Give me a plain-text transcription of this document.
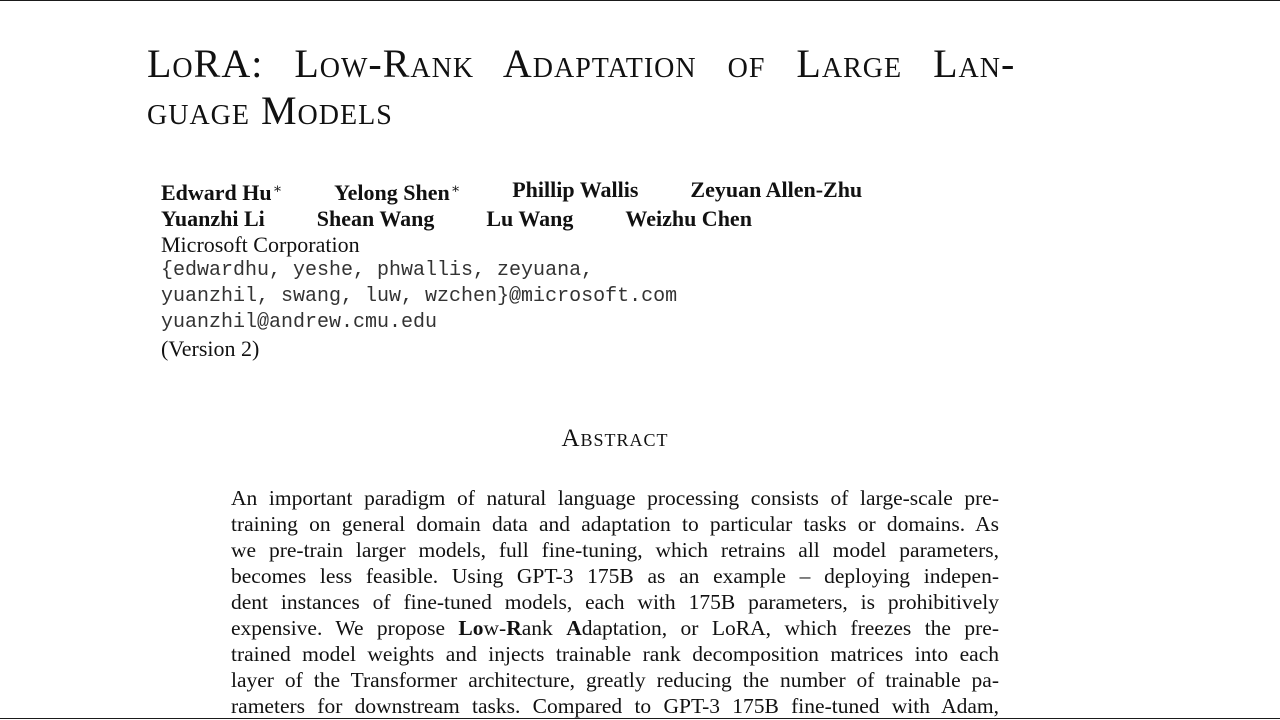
LoRA: Low-Rank Adaptation of Large Lan-
guage Models
Edward Hu∗ Yelong Shen∗ Phillip Wallis Zeyuan Allen-Zhu
Yuanzhi Li Shean Wang Lu Wang Weizhu Chen
Microsoft Corporation
{edwardhu, yeshe, phwallis, zeyuana,
yuanzhil, swang, luw, wzchen}@microsoft.com
yuanzhil@andrew.cmu.edu
(Version 2)
Abstract
An important paradigm of natural language processing consists of large-scale pre-
training on general domain data and adaptation to particular tasks or domains. As
we pre-train larger models, full fine-tuning, which retrains all model parameters,
becomes less feasible. Using GPT-3 175B as an example – deploying indepen-
dent instances of fine-tuned models, each with 175B parameters, is prohibitively
expensive. We propose Low-Rank Adaptation, or LoRA, which freezes the pre-
trained model weights and injects trainable rank decomposition matrices into each
layer of the Transformer architecture, greatly reducing the number of trainable pa-
rameters for downstream tasks. Compared to GPT-3 175B fine-tuned with Adam,
